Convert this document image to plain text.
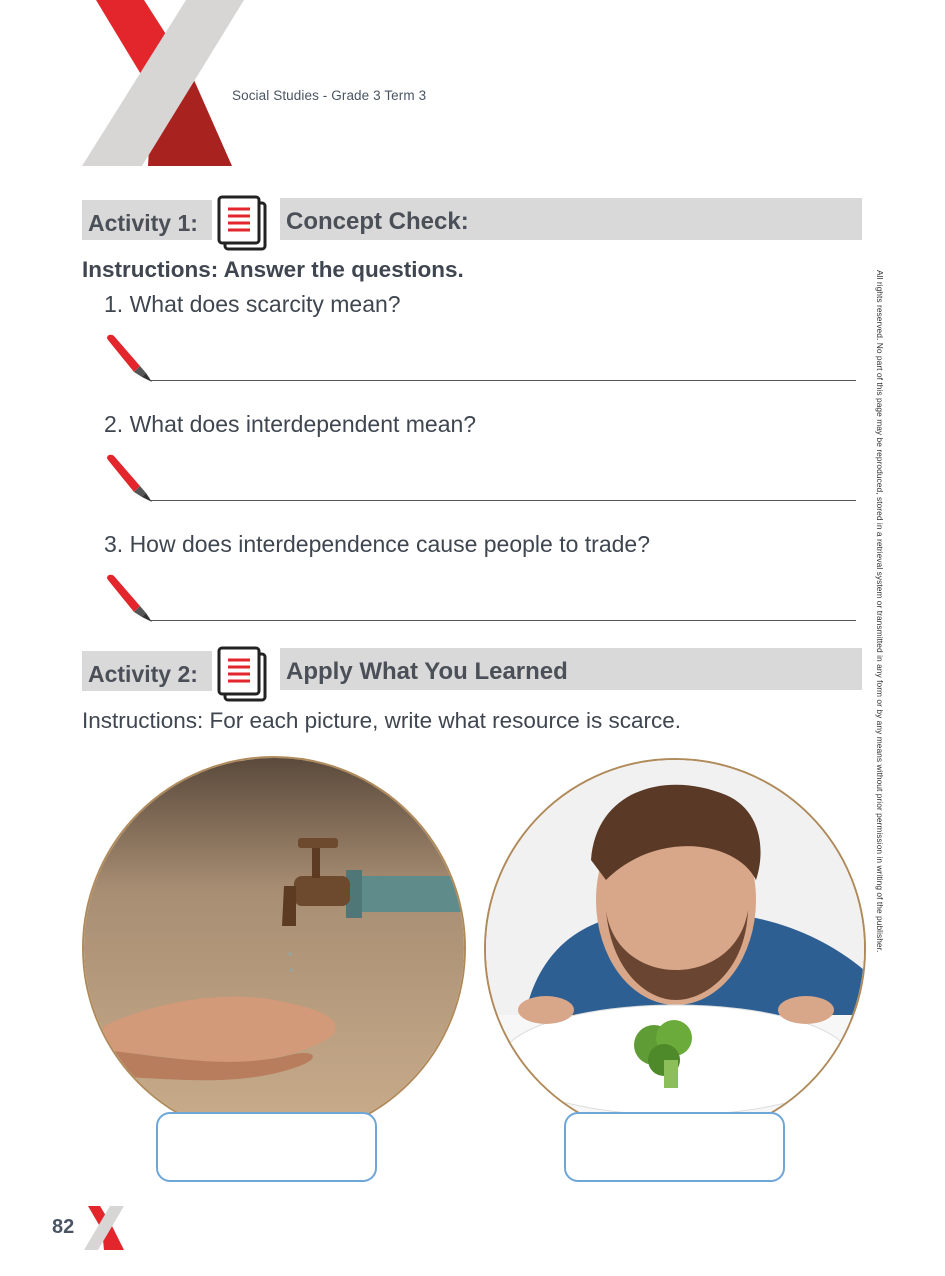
Social Studies - Grade 3 Term 3
Activity 1:	Concept Check:
Instructions: Answer the questions.
1. What does scarcity mean?
2. What does interdependent mean?
3. How does interdependence cause people to trade?
Activity 2:	Apply What You Learned
Instructions: For each picture, write what resource is scarce.	All rights reserved. No part of this page may be reproduced, stored in a retrieval system or transmitted in any form or by any means without prior permission in writing of the publisher.
82
